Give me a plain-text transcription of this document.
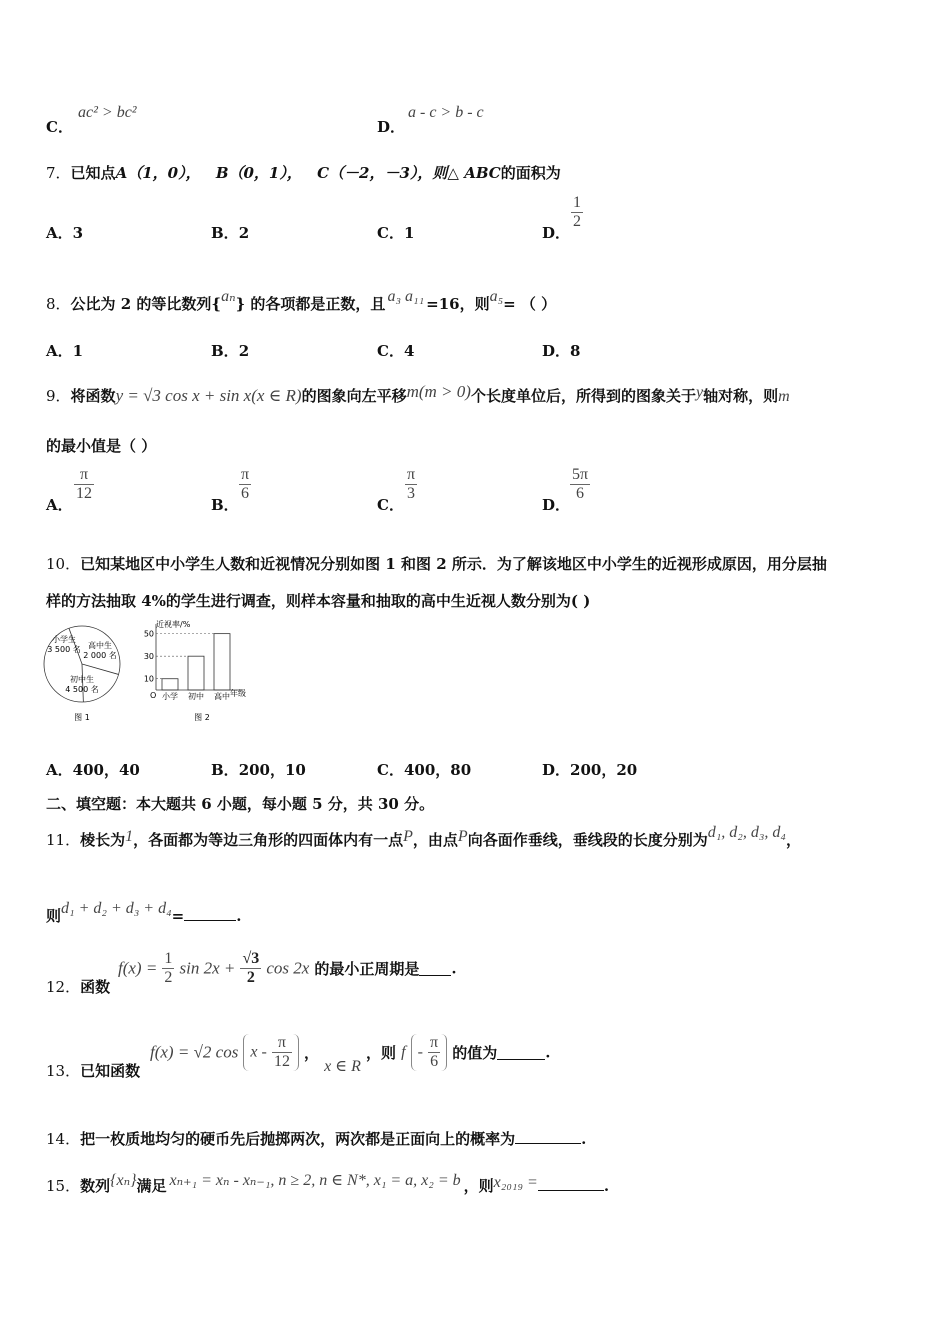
C．
ac² > bc²
D．
a - c > b - c
7．已知点A（1，0）， B（0，1）， C（－2，－3），则△ ABC的面积为
A．3	B．2	C．1	D．
$\frac{1}{2}$
8．公比为 2 的等比数列{aₙ} 的各项都是正数，且 a₃ a₁₁ =16，则a₅= （ ）
A．1	B．2	C．4	D．8
9．将函数y = √3 cos x + sin x(x ∈ R)的图象向左平移m(m > 0)个长度单位后，所得到的图象关于y轴对称，则m
的最小值是（ ）
A．
$\frac{\pi}{12}$
B．
$\frac{\pi}{6}$
C．
$\frac{\pi}{3}$
D．
$\frac{5\pi}{6}$
10．已知某地区中小学生人数和近视情况分别如图 1 和图 2 所示．为了解该地区中小学生的近视形成原因，用分层抽
样的方法抽取 4%的学生进行调查，则样本容量和抽取的高中生近视人数分别为( )
图 1
小学生
3 500 名 高中生
2 000 名
初中生
4 500 名
10
30
50
小学 初中 高中
近视率/%
年级
O
图 2
A．400，40	B．200，10	C．400，80	D．200，20
二、填空题：本大题共 6 小题，每小题 5 分，共 30 分。
11．棱长为1，各面都为等边三角形的四面体内有一点P，由点P向各面作垂线，垂线段的长度分别为d₁, d₂, d₃, d₄，
则d₁ + d₂ + d₃ + d₄=	.
12．函数
$f(x) = \frac{1}{2}$ $\sin 2x + \frac{√3}{2}$ cos 2x 的最小正周期是 .
13．已知函数
f(x) = √2 cos x - $\frac{\pi}{12}$ ， x ∈ R ，则 f - $\frac{\pi}{6}$ 的值为	.
14．把一枚质地均匀的硬币先后抛掷两次，两次都是正面向上的概率为	.
15．数列{xₙ}满足 xₙ₊₁ = xₙ - xₙ₋₁, n ≥ 2, n ∈ N*, x₁ = a, x₂ = b ，则x₂₀₁₉ =	.
